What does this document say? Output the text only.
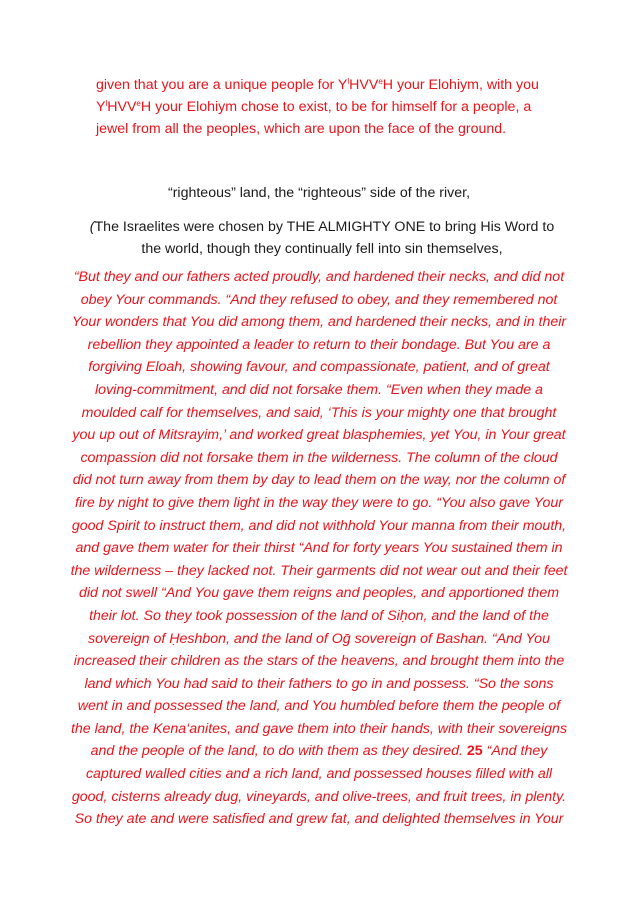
given that you are a unique people for $Y^lHVV^eH$ your Elohiym, with you $Y^lHVV^eH$ your Elohiym chose to exist, to be for himself for a people, a jewel from all the peoples, which are upon the face of the ground.

“righteous” land, the “righteous” side of the river,

(The Israelites were chosen by THE ALMIGHTY ONE to bring His Word to the world, though they continually fell into sin themselves,

“But they and our fathers acted proudly, and hardened their necks, and did not obey Your commands. “And they refused to obey, and they remembered not Your wonders that You did among them, and hardened their necks, and in their rebellion they appointed a leader to return to their bondage. But You are a forgiving Eloah, showing favour, and compassionate, patient, and of great loving-commitment, and did not forsake them. “Even when they made a moulded calf for themselves, and said, ‘This is your mighty one that brought you up out of Mitsrayim,’ and worked great blasphemies, yet You, in Your great compassion did not forsake them in the wilderness. The column of the cloud did not turn away from them by day to lead them on the way, nor the column of fire by night to give them light in the way they were to go. “You also gave Your good Spirit to instruct them, and did not withhold Your manna from their mouth, and gave them water for their thirst “And for forty years You sustained them in the wilderness – they lacked not. Their garments did not wear out and their feet did not swell “And You gave them reigns and peoples, and apportioned them their lot. So they took possession of the land of Siḥon, and the land of the sovereign of Ḥeshbon, and the land of Oḡ sovereign of Bashan. “And You increased their children as the stars of the heavens, and brought them into the land which You had said to their fathers to go in and possess. “So the sons went in and possessed the land, and You humbled before them the people of the land, the Kena‘anites, and gave them into their hands, with their sovereigns and the people of the land, to do with them as they desired. 25 “And they captured walled cities and a rich land, and possessed houses filled with all good, cisterns already dug, vineyards, and olive-trees, and fruit trees, in plenty. So they ate and were satisfied and grew fat, and delighted themselves in Your
